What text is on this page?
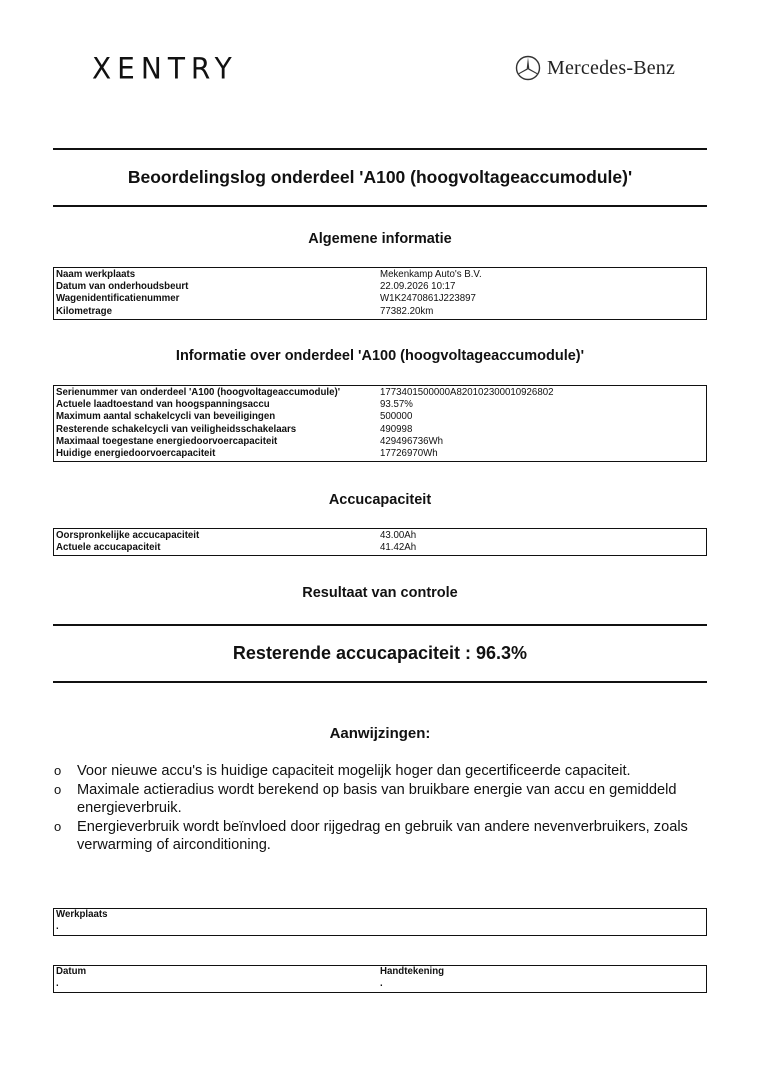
XENTRY	Mercedes-Benz
Beoordelingslog onderdeel 'A100 (hoogvoltageaccumodule)'
Algemene informatie
Naam werkplaats	Mekenkamp Auto's B.V.
Datum van onderhoudsbeurt	22.09.2026 10:17
Wagenidentificatienummer	W1K2470861J223897
Kilometrage	77382.20km
Informatie over onderdeel 'A100 (hoogvoltageaccumodule)'
Serienummer van onderdeel 'A100 (hoogvoltageaccumodule)'	1773401500000A820102300010926802
Actuele laadtoestand van hoogspanningsaccu	93.57%
Maximum aantal schakelcycli van beveiligingen	500000
Resterende schakelcycli van veiligheidsschakelaars	490998
Maximaal toegestane energiedoorvoercapaciteit	429496736Wh
Huidige energiedoorvoercapaciteit	17726970Wh
Accucapaciteit
Oorspronkelijke accucapaciteit	43.00Ah
Actuele accucapaciteit	41.42Ah
Resultaat van controle
Resterende accucapaciteit : 96.3%
Aanwijzingen:
o Voor nieuwe accu's is huidige capaciteit mogelijk hoger dan gecertificeerde capaciteit.
o Maximale actieradius wordt berekend op basis van bruikbare energie van accu en gemiddeld energieverbruik.
o Energieverbruik wordt beïnvloed door rijgedrag en gebruik van andere nevenverbruikers, zoals verwarming of airconditioning.
Werkplaats
.
Datum
.
Handtekening
.
